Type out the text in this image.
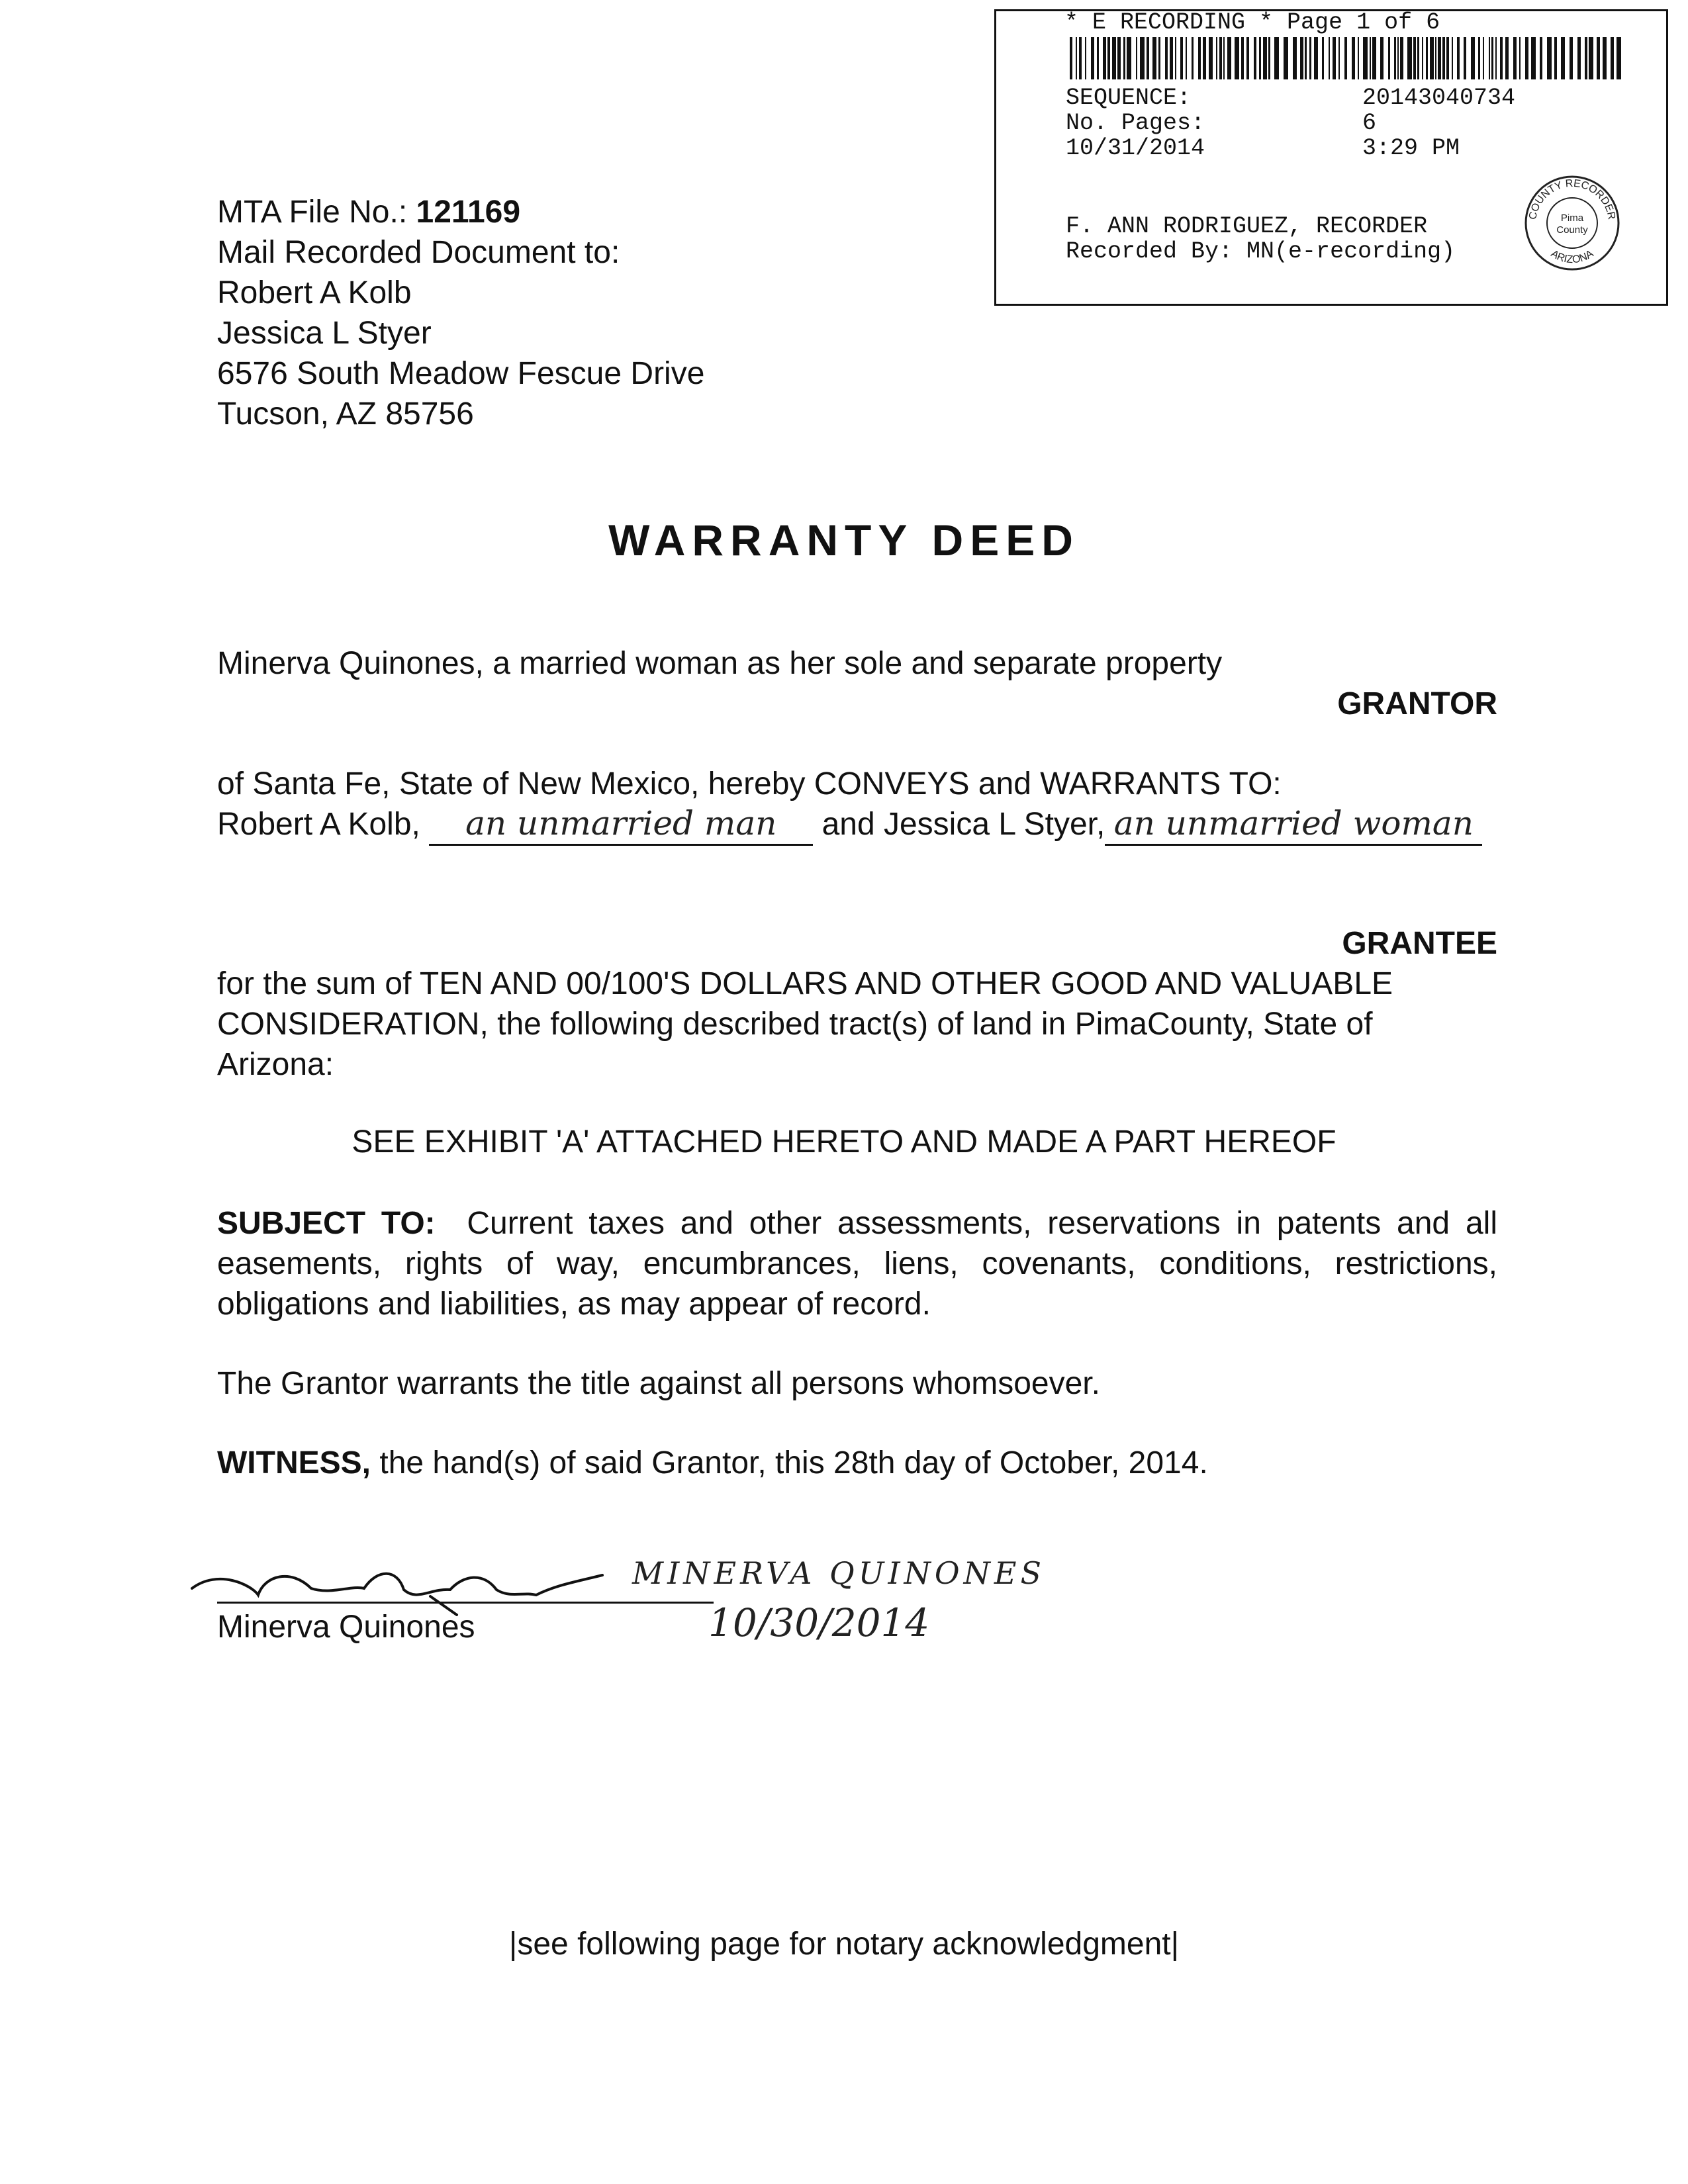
* E RECORDING * Page 1 of 6
SEQUENCE:	20143040734
No. Pages:	6
10/31/2014	3:29 PM
F. ANN RODRIGUEZ, RECORDER
Recorded By: MN(e-recording)
COUNTY RECORDER
ARIZONA
Pima
County
MTA File No.: 121169
Mail Recorded Document to:
Robert A Kolb
Jessica L Styer
6576 South Meadow Fescue Drive
Tucson, AZ 85756
WARRANTY DEED
Minerva Quinones, a married woman as her sole and separate property
GRANTOR
of Santa Fe, State of New Mexico, hereby CONVEYS and WARRANTS TO:
Robert A Kolb, an unmarried man and Jessica L Styer, an unmarried woman
GRANTEE
for the sum of TEN AND 00/100'S DOLLARS AND OTHER GOOD AND VALUABLE CONSIDERATION, the following described tract(s) of land in PimaCounty, State of Arizona:
SEE EXHIBIT 'A' ATTACHED HERETO AND MADE A PART HEREOF
SUBJECT TO: Current taxes and other assessments, reservations in patents and all easements, rights of way, encumbrances, liens, covenants, conditions, restrictions, obligations and liabilities, as may appear of record.
The Grantor warrants the title against all persons whomsoever.
WITNESS, the hand(s) of said Grantor, this 28th day of October, 2014.
MINERVA QUINONES
10/30/2014
Minerva Quinones
|see following page for notary acknowledgment|
